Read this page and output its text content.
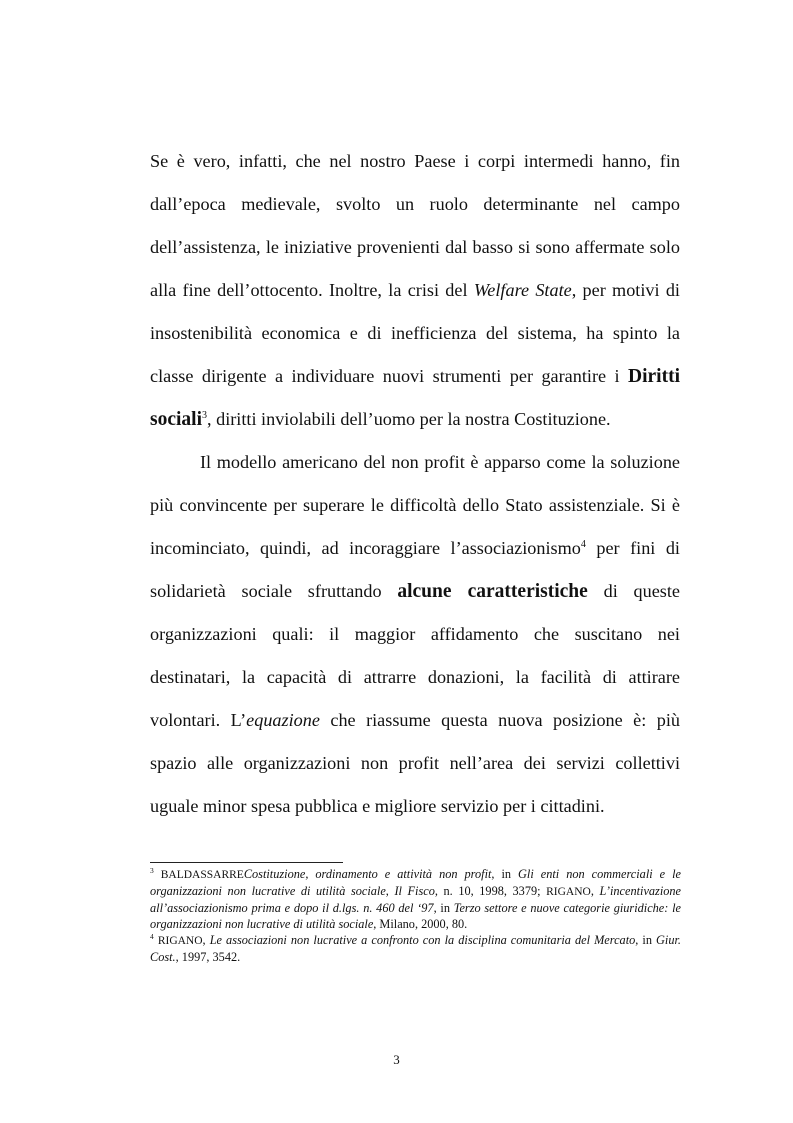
Se è vero, infatti, che nel nostro Paese i corpi intermedi hanno, fin dall’epoca medievale, svolto un ruolo determinante nel campo dell’assistenza, le iniziative provenienti dal basso si sono affermate solo alla fine dell’ottocento. Inoltre, la crisi del Welfare State, per motivi di insostenibilità economica e di inefficienza del sistema, ha spinto la classe dirigente a individuare nuovi strumenti per garantire i Diritti sociali$^3$, diritti inviolabili dell’uomo per la nostra Costituzione.

Il modello americano del non profit è apparso come la soluzione più convincente per superare le difficoltà dello Stato assistenziale. Si è incominciato, quindi, ad incoraggiare l’associazionismo$^4$ per fini di solidarietà sociale sfruttando alcune caratteristiche di queste organizzazioni quali: il maggior affidamento che suscitano nei destinatari, la capacità di attrarre donazioni, la facilità di attirare volontari. L’equazione che riassume questa nuova posizione è: più spazio alle organizzazioni non profit nell’area dei servizi collettivi uguale minor spesa pubblica e migliore servizio per i cittadini.

$^3$ BALDASSARRECostituzione, ordinamento e attività non profit, in Gli enti non commerciali e le organizzazioni non lucrative di utilità sociale, Il Fisco, n. 10, 1998, 3379; RIGANO, L’incentivazione all’associazionismo prima e dopo il d.lgs. n. 460 del ‘97, in Terzo settore e nuove categorie giuridiche: le organizzazioni non lucrative di utilità sociale, Milano, 2000, 80.

$^4$ RIGANO, Le associazioni non lucrative a confronto con la disciplina comunitaria del Mercato, in Giur. Cost., 1997, 3542.

3
